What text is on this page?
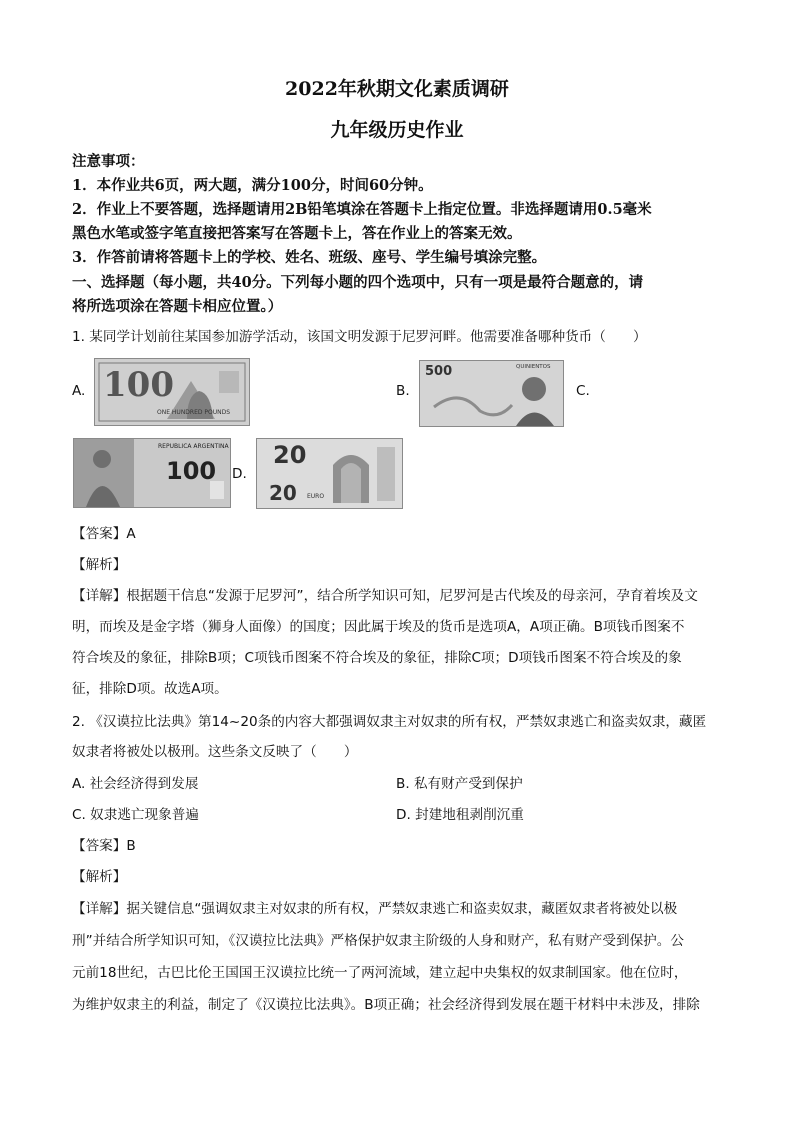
2022年秋期文化素质调研
九年级历史作业
注意事项：
1．本作业共6页，两大题，满分100分，时间60分钟。
2．作业上不要答题，选择题请用2B铅笔填涂在答题卡上指定位置。非选择题请用0.5毫米
黑色水笔或签字笔直接把答案写在答题卡上，答在作业上的答案无效。
3．作答前请将答题卡上的学校、姓名、班级、座号、学生编号填涂完整。
一、选择题（每小题，共40分。下列每小题的四个选项中，只有一项是最符合题意的，请
将所选项涂在答题卡相应位置。）
1. 某同学计划前往某国参加游学活动，该国文明发源于尼罗河畔。他需要准备哪种货币（　　）
A. 100
ONE HUNDRED POUNDS
B.
500	QUINIENTOS
C.
100
REPUBLICA ARGENTINA
D.
20
20 EURO
【答案】A
【解析】
【详解】根据题干信息“发源于尼罗河”，结合所学知识可知，尼罗河是古代埃及的母亲河，孕育着埃及文
明，而埃及是金字塔（狮身人面像）的国度；因此属于埃及的货币是选项A，A项正确。B项钱币图案不
符合埃及的象征，排除B项；C项钱币图案不符合埃及的象征，排除C项；D项钱币图案不符合埃及的象
征，排除D项。故选A项。
2. 《汉谟拉比法典》第14~20条的内容大都强调奴隶主对奴隶的所有权，严禁奴隶逃亡和盗卖奴隶，藏匿
奴隶者将被处以极刑。这些条文反映了（　　）
A. 社会经济得到发展	B. 私有财产受到保护
C. 奴隶逃亡现象普遍	D. 封建地租剥削沉重
【答案】B
【解析】
【详解】据关键信息“强调奴隶主对奴隶的所有权，严禁奴隶逃亡和盗卖奴隶，藏匿奴隶者将被处以极
刑”并结合所学知识可知，《汉谟拉比法典》严格保护奴隶主阶级的人身和财产，私有财产受到保护。公
元前18世纪，古巴比伦王国国王汉谟拉比统一了两河流域，建立起中央集权的奴隶制国家。他在位时，
为维护奴隶主的利益，制定了《汉谟拉比法典》。B项正确；社会经济得到发展在题干材料中未涉及，排除
